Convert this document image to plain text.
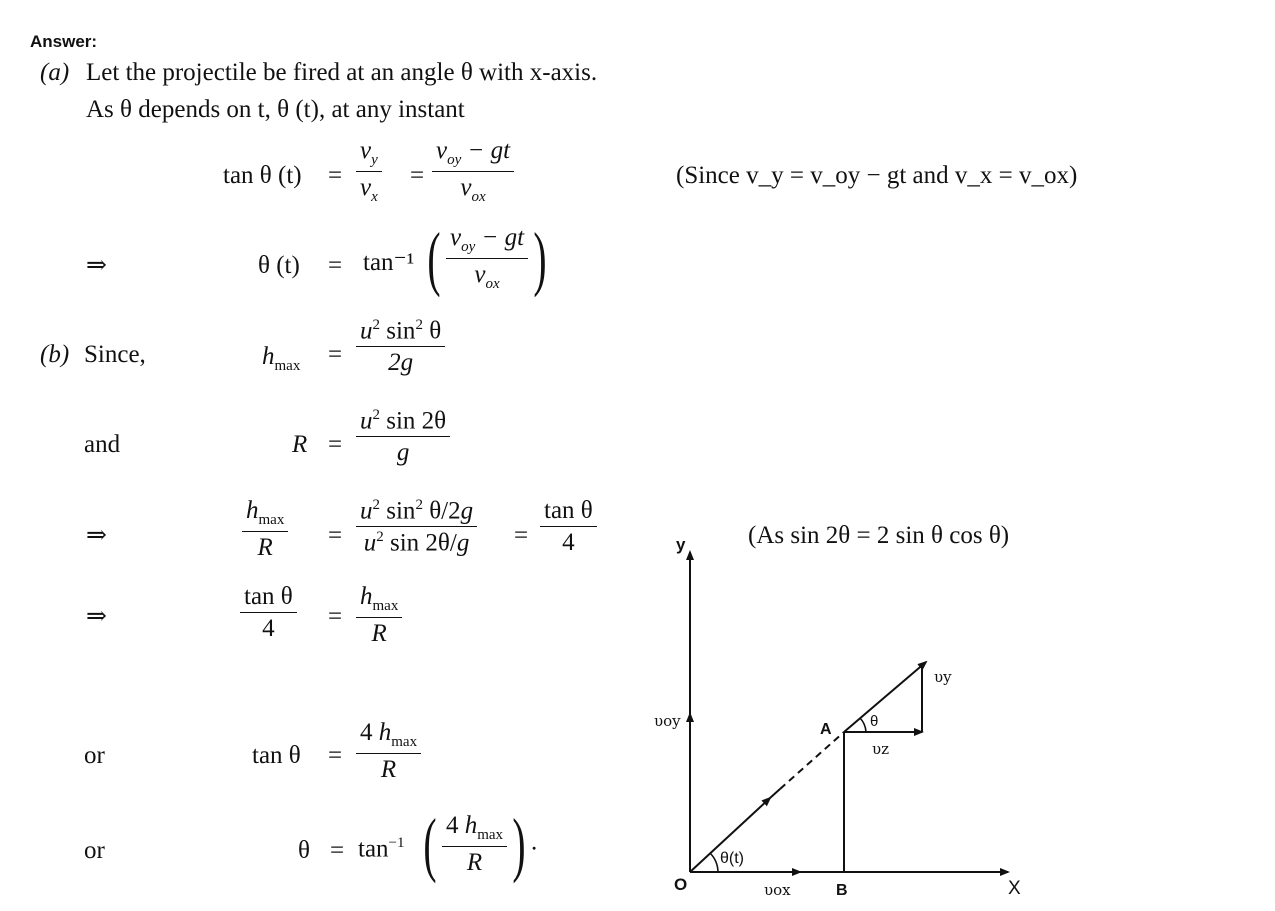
Answer:
(a) Let the projectile be fired at an angle θ with x-axis.
As θ depends on t, θ (t), at any instant
tan θ $(t) = \frac{v_y}{v_x} = \frac{v_{oy} - gt}{v_{ox}}$	(Since v_y = v_oy − gt and v_x = v_ox)
⇒	θ (t) = tan⁻¹ ( $\frac{v_{oy} - gt}{v_{ox}}$ )
(b) Since,	$h_{max} = \frac{u^2 \sin^2 \theta}{2g}$
and	$R = \frac{u^2 \sin 2\theta}{g}$
⇒	$\frac{h_{max}}{R} = \frac{u^2 \sin^2 \theta/2g}{u^2 \sin 2\theta/g} = \frac{\text{tan θ}}{4}$	(As sin 2θ = 2 sin θ cos θ)
⇒	$\frac{\text{tan θ}}{4} = \frac{h_{max}}{R}$
or	$\tan \theta = \frac{4 h_{max}}{R}$
or	$\theta = \tan^{-1}$ ( $\frac{4 h_{max}}{R}$ ) .
y
X
O
A
B
θ(t)
θ
υox
υoy
υy
υz
